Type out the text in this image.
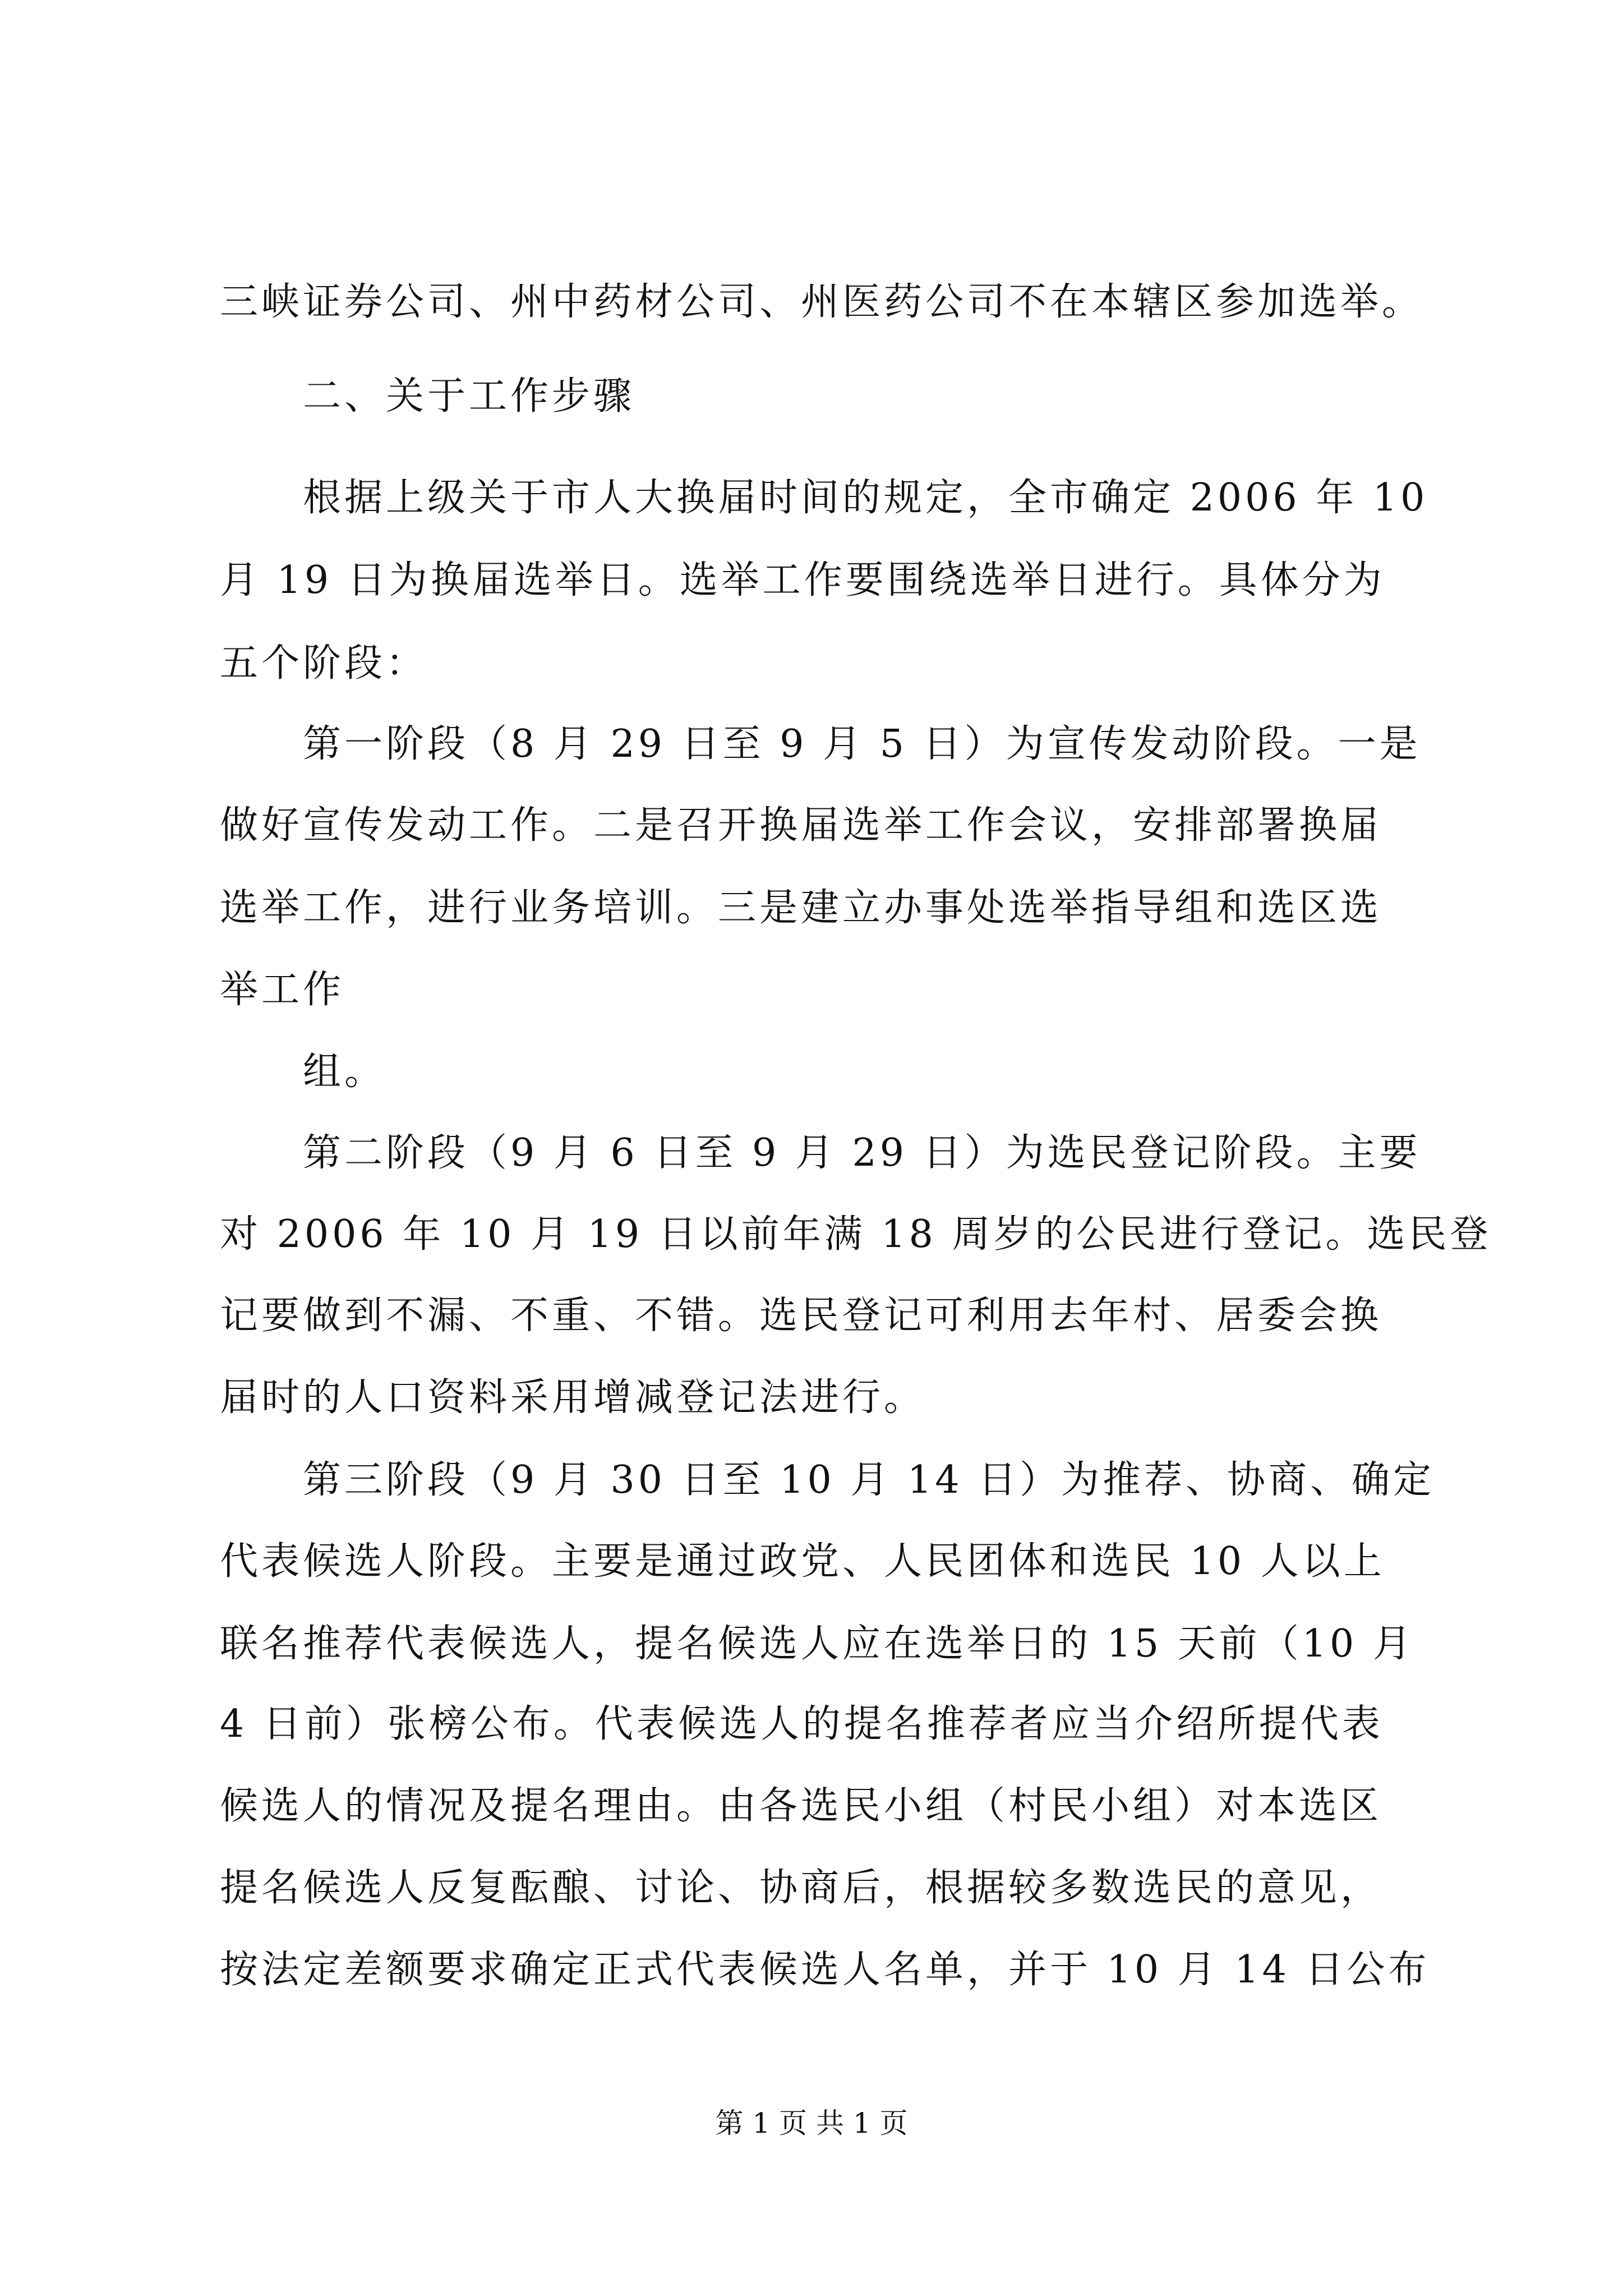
三峡证券公司、州中药材公司、州医药公司不在本辖区参加选举。
二、关于工作步骤
根据上级关于市人大换届时间的规定，全市确定 2006 年 10
月 19 日为换届选举日。选举工作要围绕选举日进行。具体分为
五个阶段：
第一阶段（8 月 29 日至 9 月 5 日）为宣传发动阶段。一是
做好宣传发动工作。二是召开换届选举工作会议，安排部署换届
选举工作，进行业务培训。三是建立办事处选举指导组和选区选
举工作
组。
第二阶段（9 月 6 日至 9 月 29 日）为选民登记阶段。主要
对 2006 年 10 月 19 日以前年满 18 周岁的公民进行登记。选民登
记要做到不漏、不重、不错。选民登记可利用去年村、居委会换
届时的人口资料采用增减登记法进行。
第三阶段（9 月 30 日至 10 月 14 日）为推荐、协商、确定
代表候选人阶段。主要是通过政党、人民团体和选民 10 人以上
联名推荐代表候选人，提名候选人应在选举日的 15 天前（10 月
4 日前）张榜公布。代表候选人的提名推荐者应当介绍所提代表
候选人的情况及提名理由。由各选民小组（村民小组）对本选区
提名候选人反复酝酿、讨论、协商后，根据较多数选民的意见，
按法定差额要求确定正式代表候选人名单，并于 10 月 14 日公布
第 1 页 共 1 页
